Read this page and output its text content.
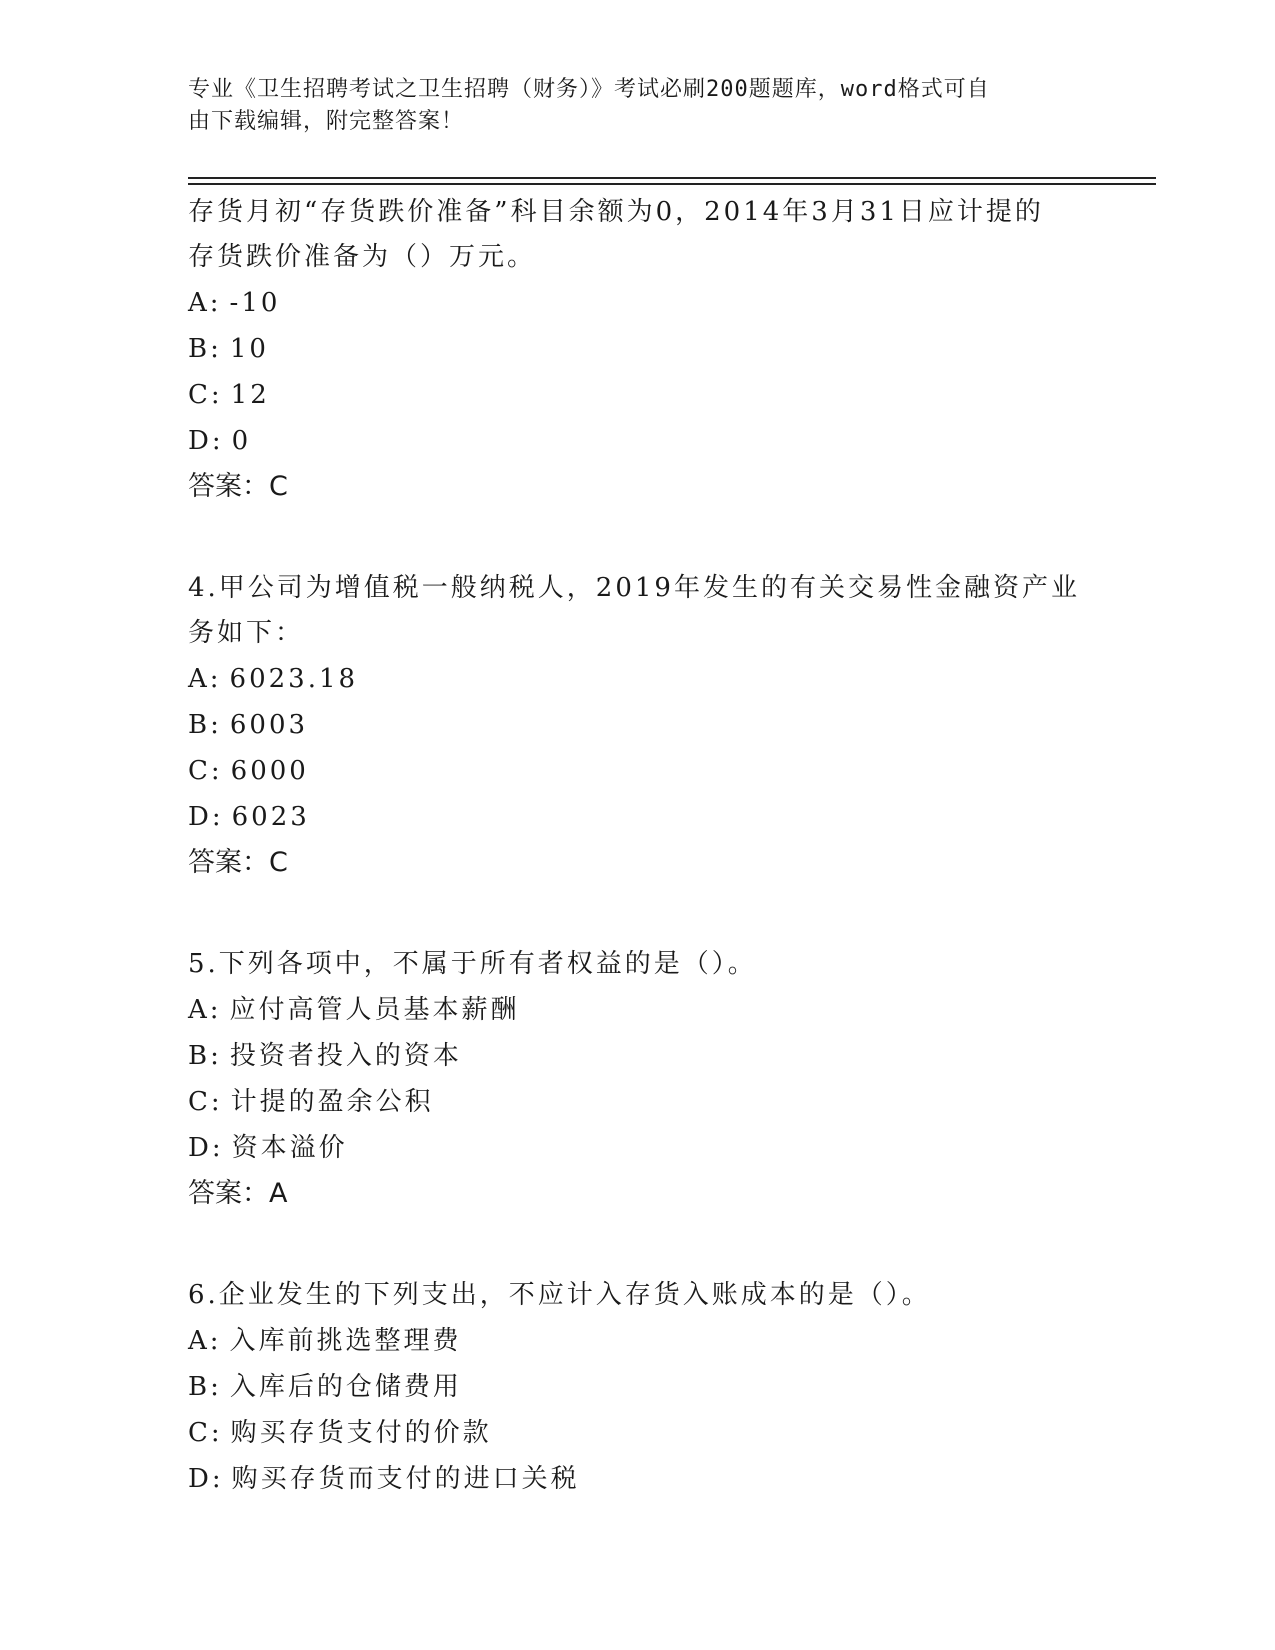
专业《卫生招聘考试之卫生招聘（财务）》考试必刷200题题库，word格式可自
由下载编辑，附完整答案！

存货月初“存货跌价准备”科目余额为0，2014年3月31日应计提的

存货跌价准备为（）万元。

A: -10

B: 10

C: 12

D: 0

答案：C

4.甲公司为增值税一般纳税人，2019年发生的有关交易性金融资产业

务如下：

A: 6023.18

B: 6003

C: 6000

D: 6023

答案：C

5.下列各项中，不属于所有者权益的是（）。

A: 应付高管人员基本薪酬

B: 投资者投入的资本

C: 计提的盈余公积

D: 资本溢价

答案：A

6.企业发生的下列支出，不应计入存货入账成本的是（）。

A: 入库前挑选整理费

B: 入库后的仓储费用

C: 购买存货支付的价款

D: 购买存货而支付的进口关税
